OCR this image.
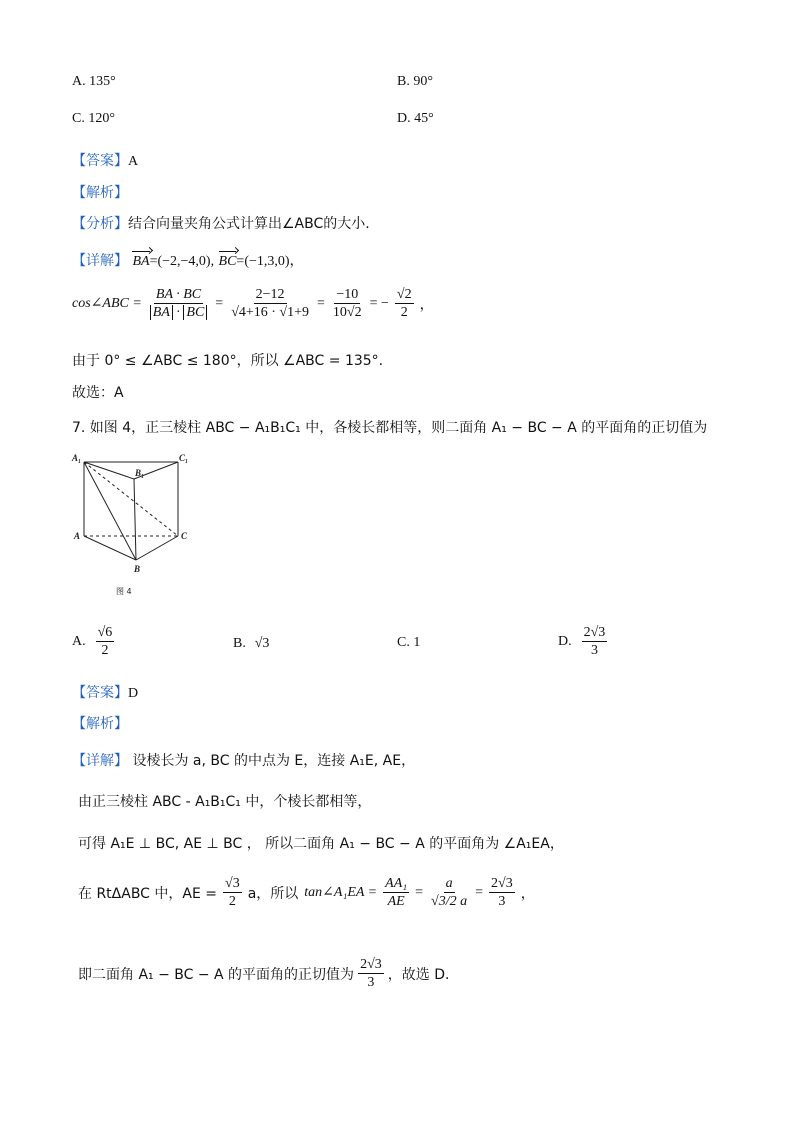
A. 135°	B. 90°
C. 120°	D. 45°
【答案】A
【解析】
【分析】结合向量夹角公式计算出∠ABC的大小.
【详解】 BA=(−2,−4,0), BC=(−1,3,0)，
cos∠ABC = $\frac{BA \cdot BC}{BA \cdot BC} = \frac{2-12}{√4+16 \cdot √1+9} = \frac{-10}{10√2}$ = − $\frac{√2}{2}$ ，
由于 0° ≤ ∠ABC ≤ 180°，所以 ∠ABC = 135°.
故选：A
7. 如图 4，正三棱柱 ABC − A₁B₁C₁ 中，各棱长都相等，则二面角 A₁ − BC − A 的平面角的正切值为
A₁	C₁
B₁
A	C
B
图 4
A. $\frac{√6}{2}$	B. √3	C. 1	D. $\frac{2√3}{3}$
【答案】D
【解析】
【详解】 设棱长为 a, BC 的中点为 E，连接 A₁E, AE，
由正三棱柱 ABC - A₁B₁C₁ 中，个棱长都相等，
可得 A₁E ⊥ BC, AE ⊥ BC ， 所以二面角 A₁ − BC − A 的平面角为 ∠A₁EA，
在 RtΔABC 中，AE = $\frac{√3}{2}$ a，所以 tan∠A₁EA = $\frac{\text{AA₁}}{AE} = \frac{a}{√3/2 a} = \frac{2√3}{3}$ ，
即二面角 A₁ − BC − A 的平面角的正切值为 $\frac{2√3}{3}$ ，故选 D.
